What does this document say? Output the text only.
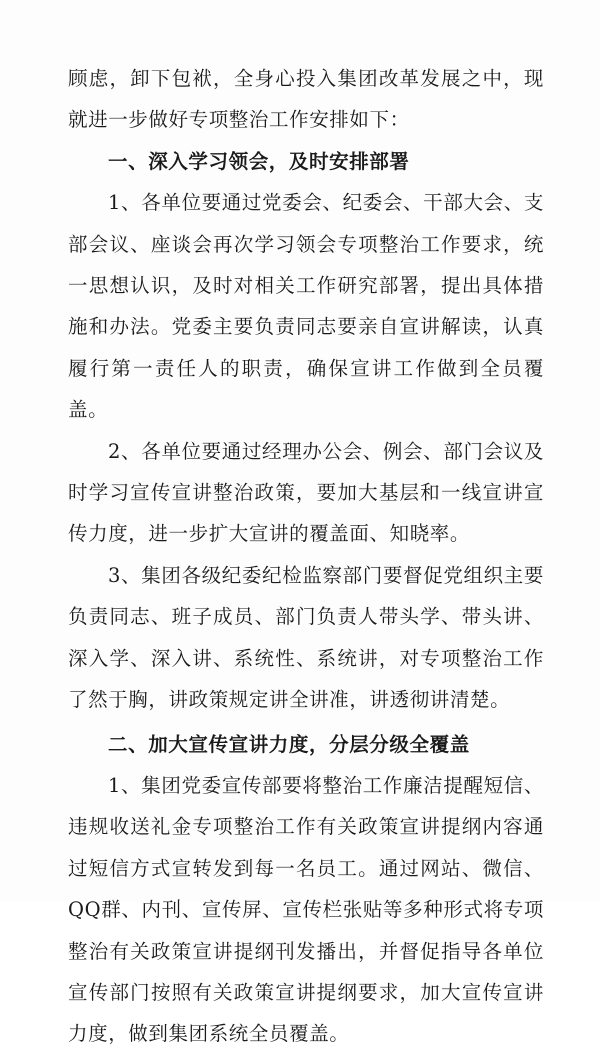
顾虑，卸下包袱，全身心投入集团改革发展之中，现就进一步做好专项整治工作安排如下：

一、深入学习领会，及时安排部署

1、各单位要通过党委会、纪委会、干部大会、支部会议、座谈会再次学习领会专项整治工作要求，统一思想认识，及时对相关工作研究部署，提出具体措施和办法。党委主要负责同志要亲自宣讲解读，认真履行第一责任人的职责，确保宣讲工作做到全员覆盖。

2、各单位要通过经理办公会、例会、部门会议及时学习宣传宣讲整治政策，要加大基层和一线宣讲宣传力度，进一步扩大宣讲的覆盖面、知晓率。

3、集团各级纪委纪检监察部门要督促党组织主要负责同志、班子成员、部门负责人带头学、带头讲、深入学、深入讲、系统性、系统讲，对专项整治工作了然于胸，讲政策规定讲全讲准，讲透彻讲清楚。

二、加大宣传宣讲力度，分层分级全覆盖

1、集团党委宣传部要将整治工作廉洁提醒短信、违规收送礼金专项整治工作有关政策宣讲提纲内容通过短信方式宣转发到每一名员工。通过网站、微信、QQ群、内刊、宣传屏、宣传栏张贴等多种形式将专项整治有关政策宣讲提纲刊发播出，并督促指导各单位宣传部门按照有关政策宣讲提纲要求，加大宣传宣讲力度，做到集团系统全员覆盖。
